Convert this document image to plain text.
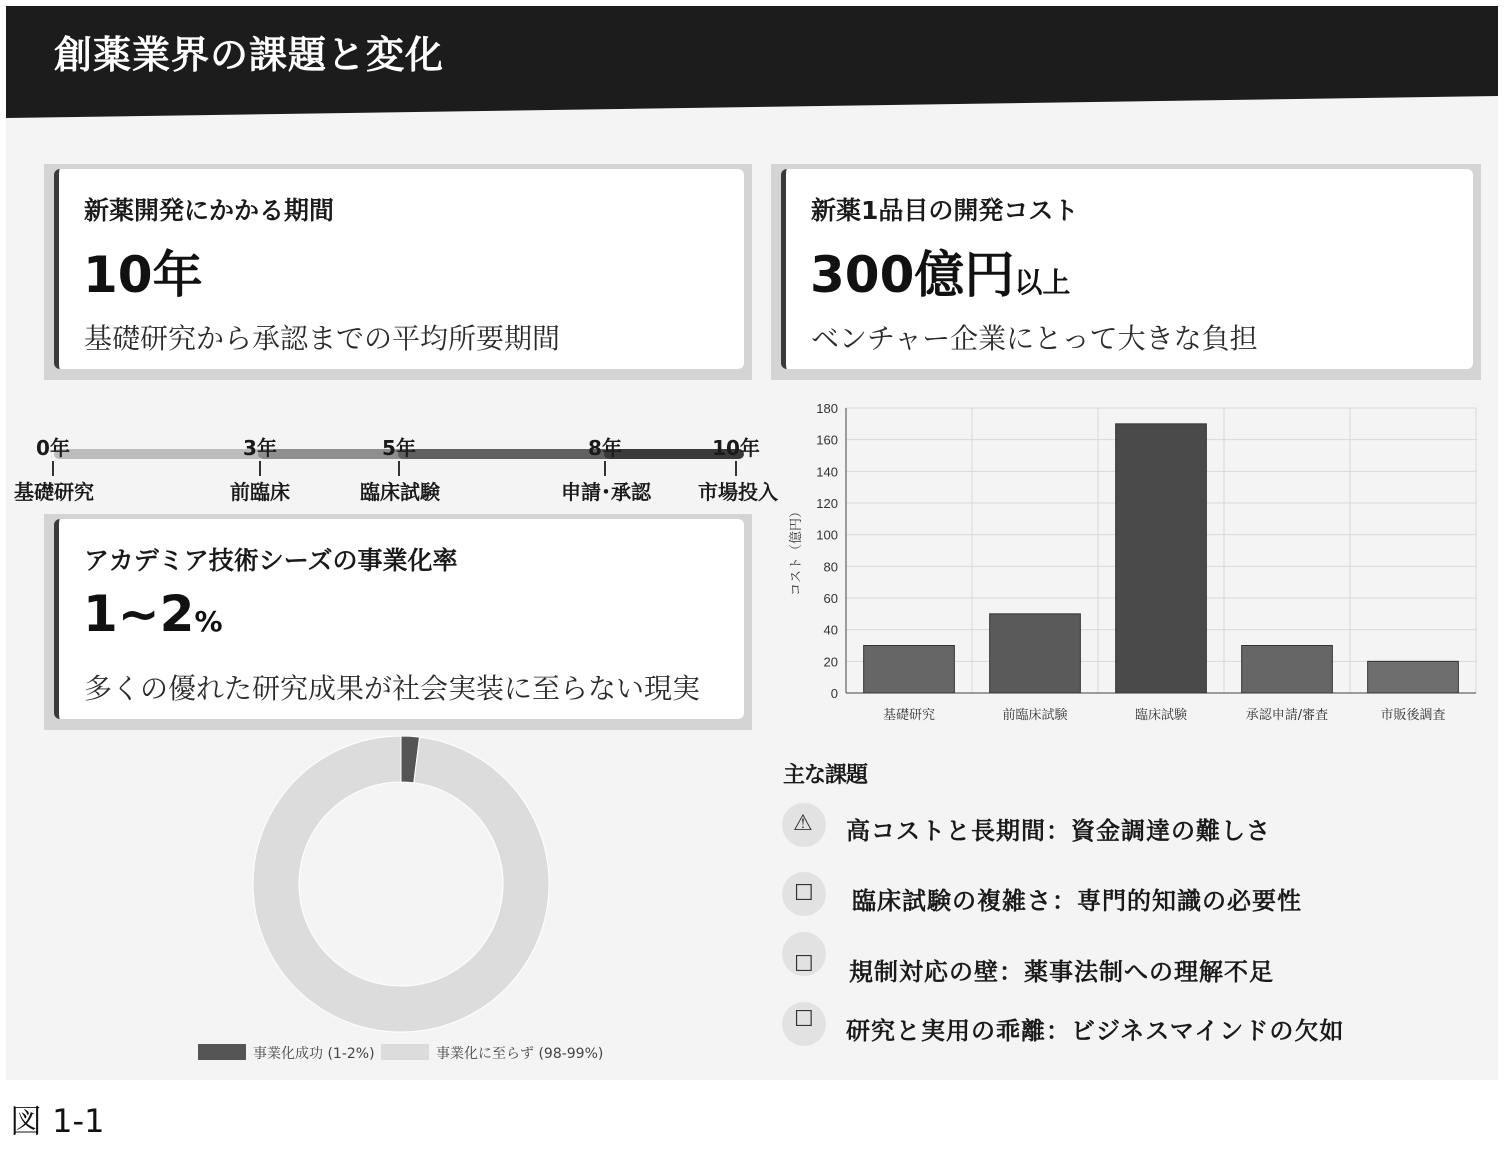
創薬業界の課題と変化
新薬開発にかかる期間
10年
基礎研究から承認までの平均所要期間
新薬1品目の開発コスト
300億円以上
ベンチャー企業にとって大きな負担
0年	3年	5年	8年	10年
基礎研究	前臨床	臨床試験	申請･承認 市場投入
アカデミア技術シーズの事業化率
1~2%
多くの優れた研究成果が社会実装に至らない現実	0
20
40
60
80
100
120
140
160
180
基礎研究	前臨床試験	臨床試験	承認申請/審査	市販後調査
コスト（億円）
事業化成功 (1-2%)	事業化に至らず (98-99%)
主な課題
⚠ 高コストと長期間：資金調達の難しさ
☐ 臨床試験の複雑さ：専門的知識の必要性
☐ 規制対応の壁：薬事法制への理解不足
☐ 研究と実用の乖離：ビジネスマインドの欠如
図 1-1
